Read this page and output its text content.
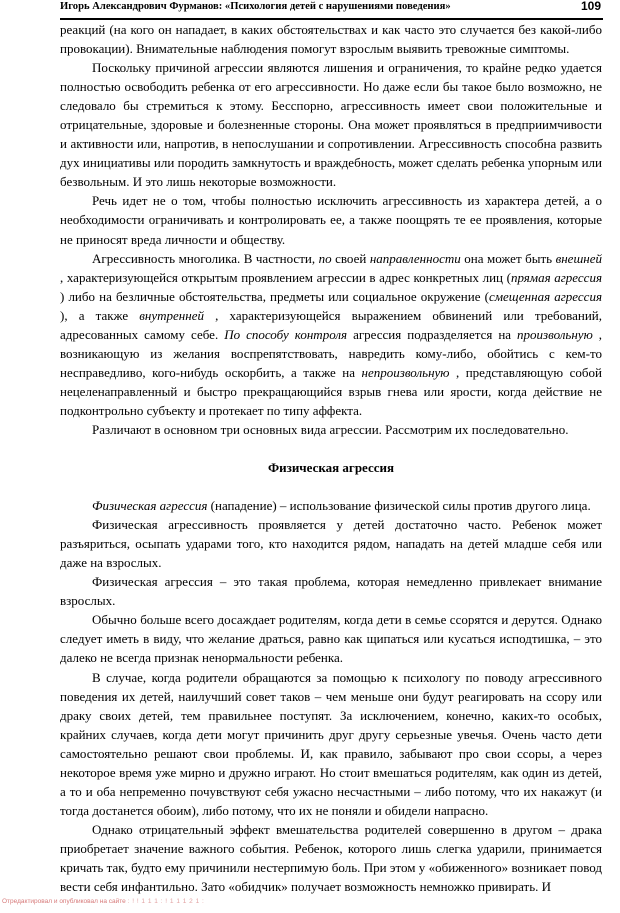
Игорь Александрович Фурманов: «Психология детей с нарушениями поведения»	109

реакций (на кого он нападает, в каких обстоятельствах и как часто это случается без какой-либо провокации). Внимательные наблюдения помогут взрослым выявить тревожные симптомы.

Поскольку причиной агрессии являются лишения и ограничения, то крайне редко удается полностью освободить ребенка от его агрессивности. Но даже если бы такое было возможно, не следовало бы стремиться к этому. Бесспорно, агрессивность имеет свои положительные и отрицательные, здоровые и болезненные стороны. Она может проявляться в предприимчивости и активности или, напротив, в непослушании и сопротивлении. Агрессивность способна развить дух инициативы или породить замкнутость и враждебность, может сделать ребенка упорным или безвольным. И это лишь некоторые возможности.

Речь идет не о том, чтобы полностью исключить агрессивность из характера детей, а о необходимости ограничивать и контролировать ее, а также поощрять те ее проявления, которые не приносят вреда личности и обществу.

Агрессивность многолика. В частности, по своей направленности она может быть внешней , характеризующейся открытым проявлением агрессии в адрес конкретных лиц (прямая агрессия ) либо на безличные обстоятельства, предметы или социальное окружение (смещенная агрессия ), а также внутренней , характеризующейся выражением обвинений или требований, адресованных самому себе. По способу контроля агрессия подразделяется на произвольную , возникающую из желания воспрепятствовать, навредить кому-либо, обойтись с кем-то несправедливо, кого-нибудь оскорбить, а также на непроизвольную , представляющую собой нецеленаправленный и быстро прекращающийся взрыв гнева или ярости, когда действие не подконтрольно субъекту и протекает по типу аффекта.

Различают в основном три основных вида агрессии. Рассмотрим их последовательно.

Физическая агрессия

Физическая агрессия (нападение) – использование физической силы против другого лица.

Физическая агрессивность проявляется у детей достаточно часто. Ребенок может разъяриться, осыпать ударами того, кто находится рядом, нападать на детей младше себя или даже на взрослых.

Физическая агрессия – это такая проблема, которая немедленно привлекает внимание взрослых.

Обычно больше всего досаждает родителям, когда дети в семье ссорятся и дерутся. Однако следует иметь в виду, что желание драться, равно как щипаться или кусаться исподтишка, – это далеко не всегда признак ненормальности ребенка.

В случае, когда родители обращаются за помощью к психологу по поводу агрессивного поведения их детей, наилучший совет таков – чем меньше они будут реагировать на ссору или драку своих детей, тем правильнее поступят. За исключением, конечно, каких-то особых, крайних случаев, когда дети могут причинить друг другу серьезные увечья. Очень часто дети самостоятельно решают свои проблемы. И, как правило, забывают про свои ссоры, а через некоторое время уже мирно и дружно играют. Но стоит вмешаться родителям, как один из детей, а то и оба непременно почувствуют себя ужасно несчастными – либо потому, что их накажут (и тогда достанется обоим), либо потому, что их не поняли и обидели напрасно.

Однако отрицательный эффект вмешательства родителей совершенно в другом – драка приобретает значение важного события. Ребенок, которого лишь слегка ударили, принимается кричать так, будто ему причинили нестерпимую боль. При этом у «обиженного» возникает повод вести себя инфантильно. Зато «обидчик» получает возможность немножко привирать. И

Отредактировал и опубликовал на сайте : ! ! 1 1 1 : ! 1 1 1 2 1 :
